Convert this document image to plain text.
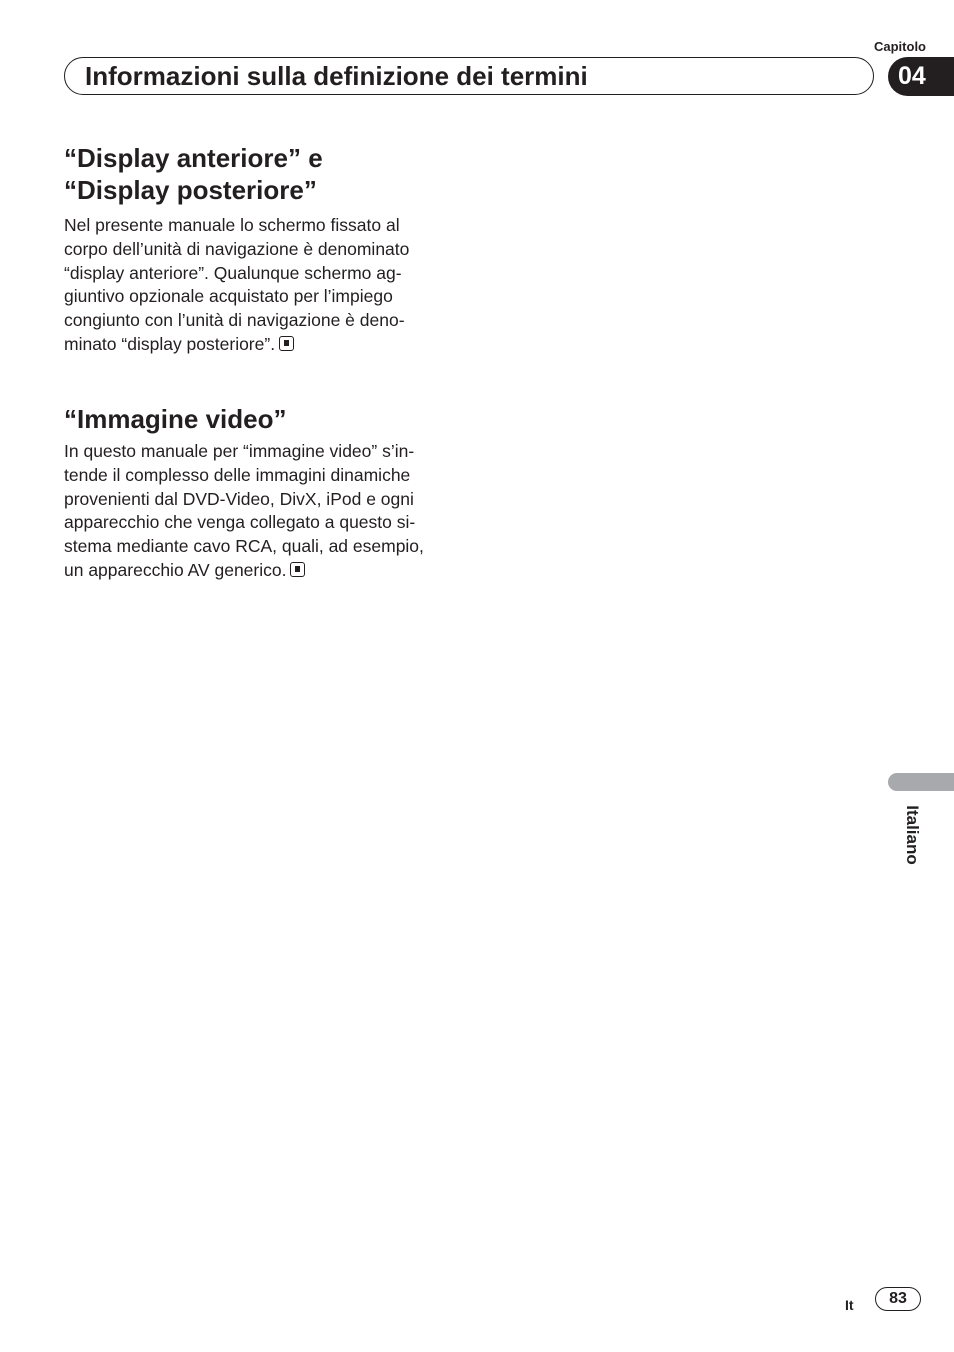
Capitolo
Informazioni sulla definizione dei termini	04
“Display anteriore” e
“Display posteriore”

Nel presente manuale lo schermo fissato al
corpo dell’unità di navigazione è denominato
“display anteriore”. Qualunque schermo ag-
giuntivo opzionale acquistato per l’impiego
congiunto con l’unità di navigazione è deno-
minato “display posteriore”.

“Immagine video”

In questo manuale per “immagine video” s’in-
tende il complesso delle immagini dinamiche
provenienti dal DVD-Video, DivX, iPod e ogni
apparecchio che venga collegato a questo si-
stema mediante cavo RCA, quali, ad esempio,
un apparecchio AV generico.

Italiano
It	83
